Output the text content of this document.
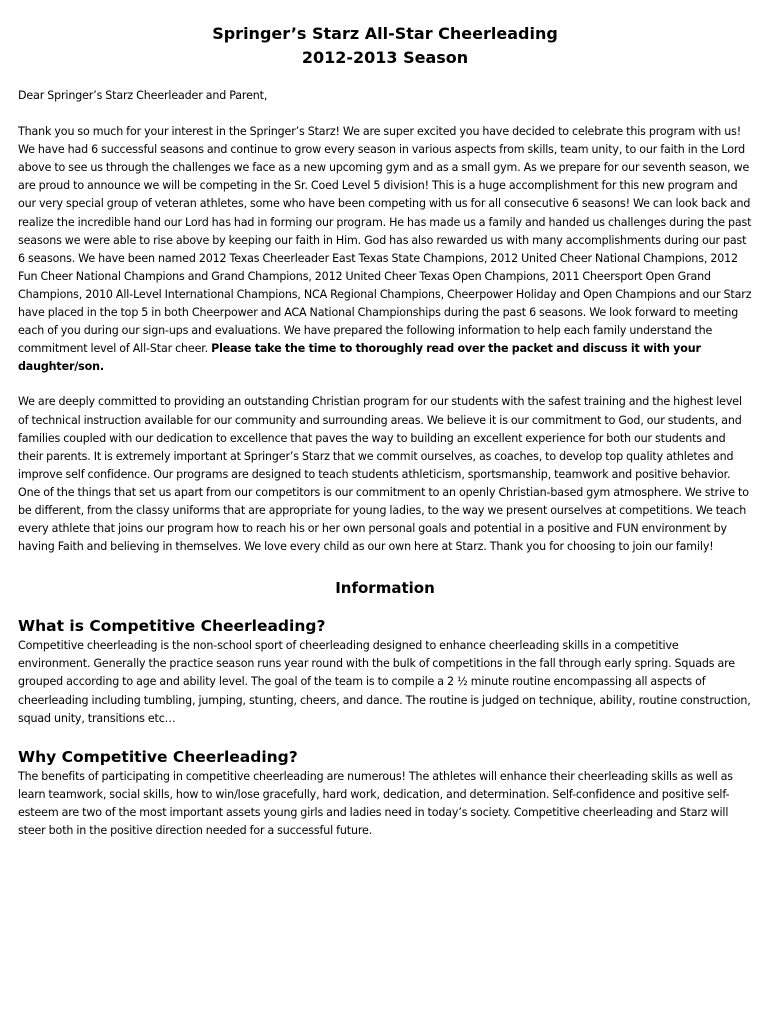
Springer’s Starz All-Star Cheerleading
2012-2013 Season

Dear Springer’s Starz Cheerleader and Parent,

Thank you so much for your interest in the Springer’s Starz! We are super excited you have decided to celebrate this program with us! We have had 6 successful seasons and continue to grow every season in various aspects from skills, team unity, to our faith in the Lord above to see us through the challenges we face as a new upcoming gym and as a small gym. As we prepare for our seventh season, we are proud to announce we will be competing in the Sr. Coed Level 5 division! This is a huge accomplishment for this new program and our very special group of veteran athletes, some who have been competing with us for all consecutive 6 seasons! We can look back and realize the incredible hand our Lord has had in forming our program. He has made us a family and handed us challenges during the past seasons we were able to rise above by keeping our faith in Him. God has also rewarded us with many accomplishments during our past 6 seasons. We have been named 2012 Texas Cheerleader East Texas State Champions, 2012 United Cheer National Champions, 2012 Fun Cheer National Champions and Grand Champions, 2012 United Cheer Texas Open Champions, 2011 Cheersport Open Grand Champions, 2010 All-Level International Champions, NCA Regional Champions, Cheerpower Holiday and Open Champions and our Starz have placed in the top 5 in both Cheerpower and ACA National Championships during the past 6 seasons. We look forward to meeting each of you during our sign-ups and evaluations. We have prepared the following information to help each family understand the commitment level of All-Star cheer. Please take the time to thoroughly read over the packet and discuss it with your daughter/son.

We are deeply committed to providing an outstanding Christian program for our students with the safest training and the highest level of technical instruction available for our community and surrounding areas. We believe it is our commitment to God, our students, and families coupled with our dedication to excellence that paves the way to building an excellent experience for both our students and their parents. It is extremely important at Springer’s Starz that we commit ourselves, as coaches, to develop top quality athletes and improve self confidence. Our programs are designed to teach students athleticism, sportsmanship, teamwork and positive behavior. One of the things that set us apart from our competitors is our commitment to an openly Christian-based gym atmosphere. We strive to be different, from the classy uniforms that are appropriate for young ladies, to the way we present ourselves at competitions. We teach every athlete that joins our program how to reach his or her own personal goals and potential in a positive and FUN environment by having Faith and believing in themselves. We love every child as our own here at Starz. Thank you for choosing to join our family!

Information
What is Competitive Cheerleading?

Competitive cheerleading is the non-school sport of cheerleading designed to enhance cheerleading skills in a competitive environment. Generally the practice season runs year round with the bulk of competitions in the fall through early spring. Squads are grouped according to age and ability level. The goal of the team is to compile a 2 ½ minute routine encompassing all aspects of cheerleading including tumbling, jumping, stunting, cheers, and dance. The routine is judged on technique, ability, routine construction, squad unity, transitions etc…

Why Competitive Cheerleading?

The benefits of participating in competitive cheerleading are numerous! The athletes will enhance their cheerleading skills as well as learn teamwork, social skills, how to win/lose gracefully, hard work, dedication, and determination. Self-confidence and positive self-esteem are two of the most important assets young girls and ladies need in today’s society. Competitive cheerleading and Starz will steer both in the positive direction needed for a successful future.
